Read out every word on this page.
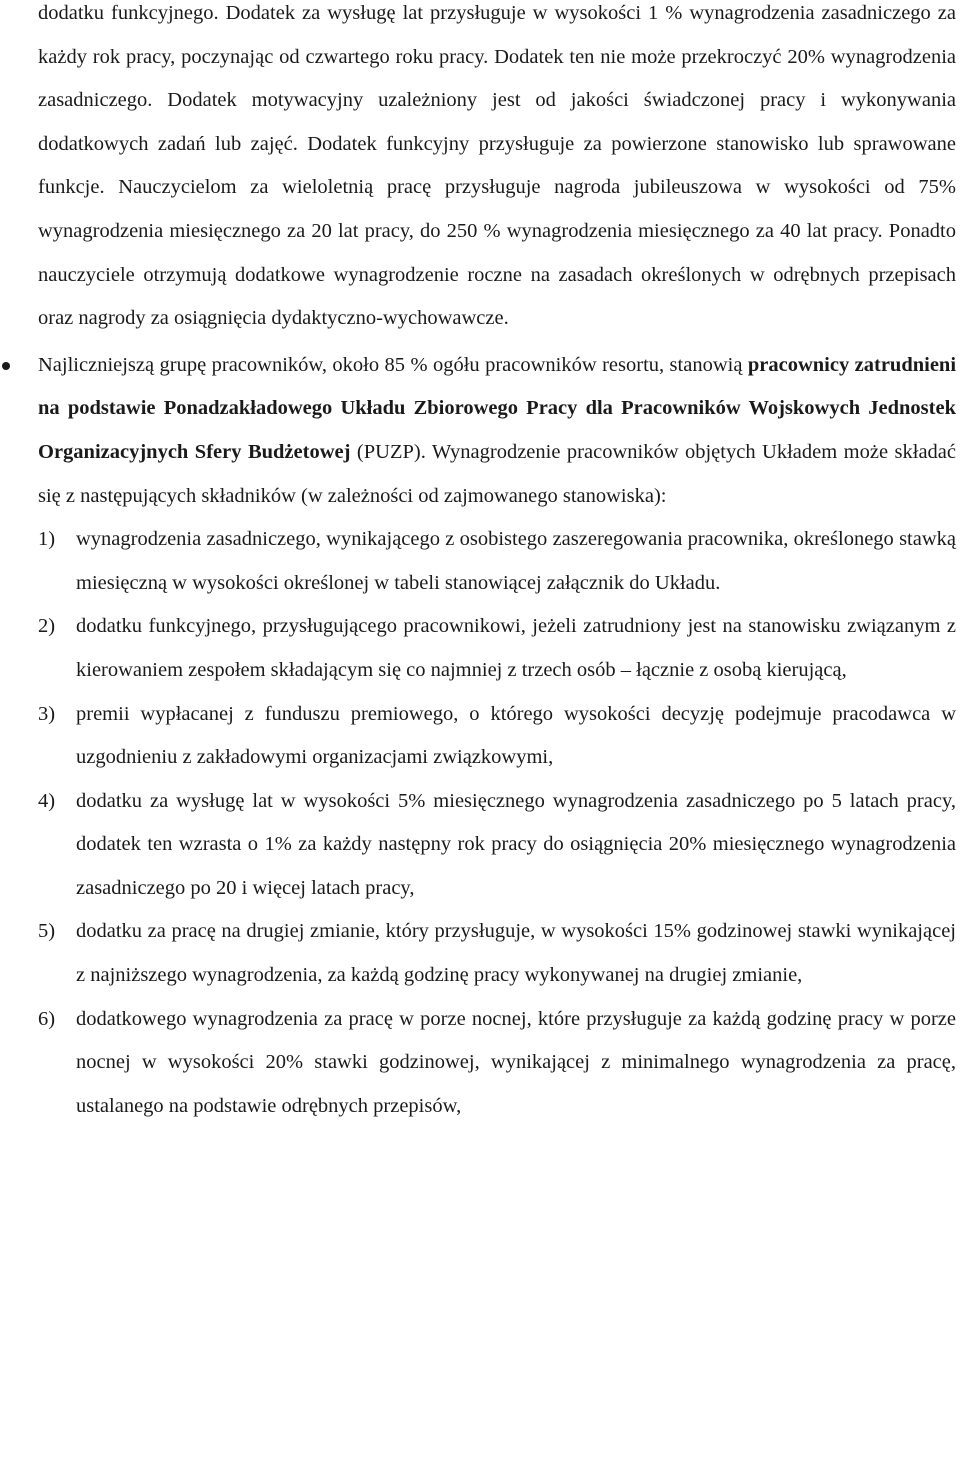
dodatku funkcyjnego. Dodatek za wysługę lat przysługuje w wysokości 1 % wynagrodzenia zasadniczego za każdy rok pracy, poczynając od czwartego roku pracy. Dodatek ten nie może przekroczyć 20% wynagrodzenia zasadniczego. Dodatek motywacyjny uzależniony jest od jakości świadczonej pracy i wykonywania dodatkowych zadań lub zajęć. Dodatek funkcyjny przysługuje za powierzone stanowisko lub sprawowane funkcje. Nauczycielom za wieloletnią pracę przysługuje nagroda jubileuszowa w wysokości od 75% wynagrodzenia miesięcznego za 20 lat pracy, do 250 % wynagrodzenia miesięcznego za 40 lat pracy. Ponadto nauczyciele otrzymują dodatkowe wynagrodzenie roczne na zasadach określonych w odrębnych przepisach oraz nagrody za osiągnięcia dydaktyczno-wychowawcze.

Najliczniejszą grupę pracowników, około 85 % ogółu pracowników resortu, stanowią pracownicy zatrudnieni na podstawie Ponadzakładowego Układu Zbiorowego Pracy dla Pracowników Wojskowych Jednostek Organizacyjnych Sfery Budżetowej (PUZP). Wynagrodzenie pracowników objętych Układem może składać się z następujących składników (w zależności od zajmowanego stanowiska):

1) wynagrodzenia zasadniczego, wynikającego z osobistego zaszeregowania pracownika, określonego stawką miesięczną w wysokości określonej w tabeli stanowiącej załącznik do Układu.
2) dodatku funkcyjnego, przysługującego pracownikowi, jeżeli zatrudniony jest na stanowisku związanym z kierowaniem zespołem składającym się co najmniej z trzech osób – łącznie z osobą kierującą,
3) premii wypłacanej z funduszu premiowego, o którego wysokości decyzję podejmuje pracodawca w uzgodnieniu z zakładowymi organizacjami związkowymi,
4) dodatku za wysługę lat w wysokości 5% miesięcznego wynagrodzenia zasadniczego po 5 latach pracy, dodatek ten wzrasta o 1% za każdy następny rok pracy do osiągnięcia 20% miesięcznego wynagrodzenia zasadniczego po 20 i więcej latach pracy,
5) dodatku za pracę na drugiej zmianie, który przysługuje, w wysokości 15% godzinowej stawki wynikającej z najniższego wynagrodzenia, za każdą godzinę pracy wykonywanej na drugiej zmianie,
6) dodatkowego wynagrodzenia za pracę w porze nocnej, które przysługuje za każdą godzinę pracy w porze nocnej w wysokości 20% stawki godzinowej, wynikającej z minimalnego wynagrodzenia za pracę, ustalanego na podstawie odrębnych przepisów,
